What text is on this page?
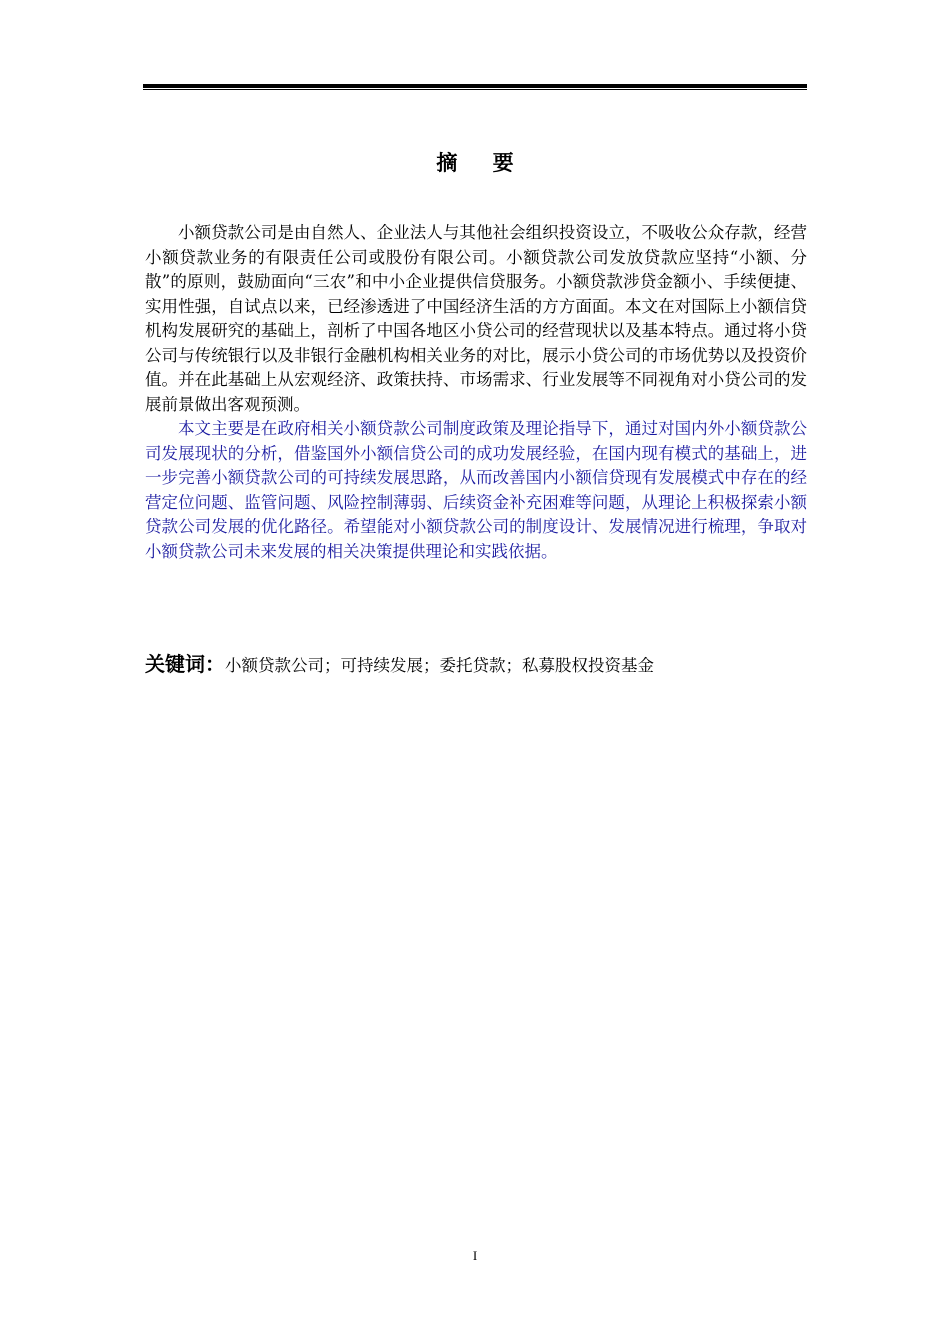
摘 要

小额贷款公司是由自然人、企业法人与其他社会组织投资设立，不吸收公众存款，经营小额贷款业务的有限责任公司或股份有限公司。小额贷款公司发放贷款应坚持“小额、分散”的原则，鼓励面向“三农”和中小企业提供信贷服务。小额贷款涉贷金额小、手续便捷、实用性强，自试点以来，已经渗透进了中国经济生活的方方面面。本文在对国际上小额信贷机构发展研究的基础上，剖析了中国各地区小贷公司的经营现状以及基本特点。通过将小贷公司与传统银行以及非银行金融机构相关业务的对比，展示小贷公司的市场优势以及投资价值。并在此基础上从宏观经济、政策扶持、市场需求、行业发展等不同视角对小贷公司的发展前景做出客观预测。

本文主要是在政府相关小额贷款公司制度政策及理论指导下，通过对国内外小额贷款公司发展现状的分析，借鉴国外小额信贷公司的成功发展经验，在国内现有模式的基础上，进一步完善小额贷款公司的可持续发展思路，从而改善国内小额信贷现有发展模式中存在的经营定位问题、监管问题、风险控制薄弱、后续资金补充困难等问题，从理论上积极探索小额贷款公司发展的优化路径。希望能对小额贷款公司的制度设计、发展情况进行梳理，争取对小额贷款公司未来发展的相关决策提供理论和实践依据。

关键词：小额贷款公司；可持续发展；委托贷款；私募股权投资基金
I
